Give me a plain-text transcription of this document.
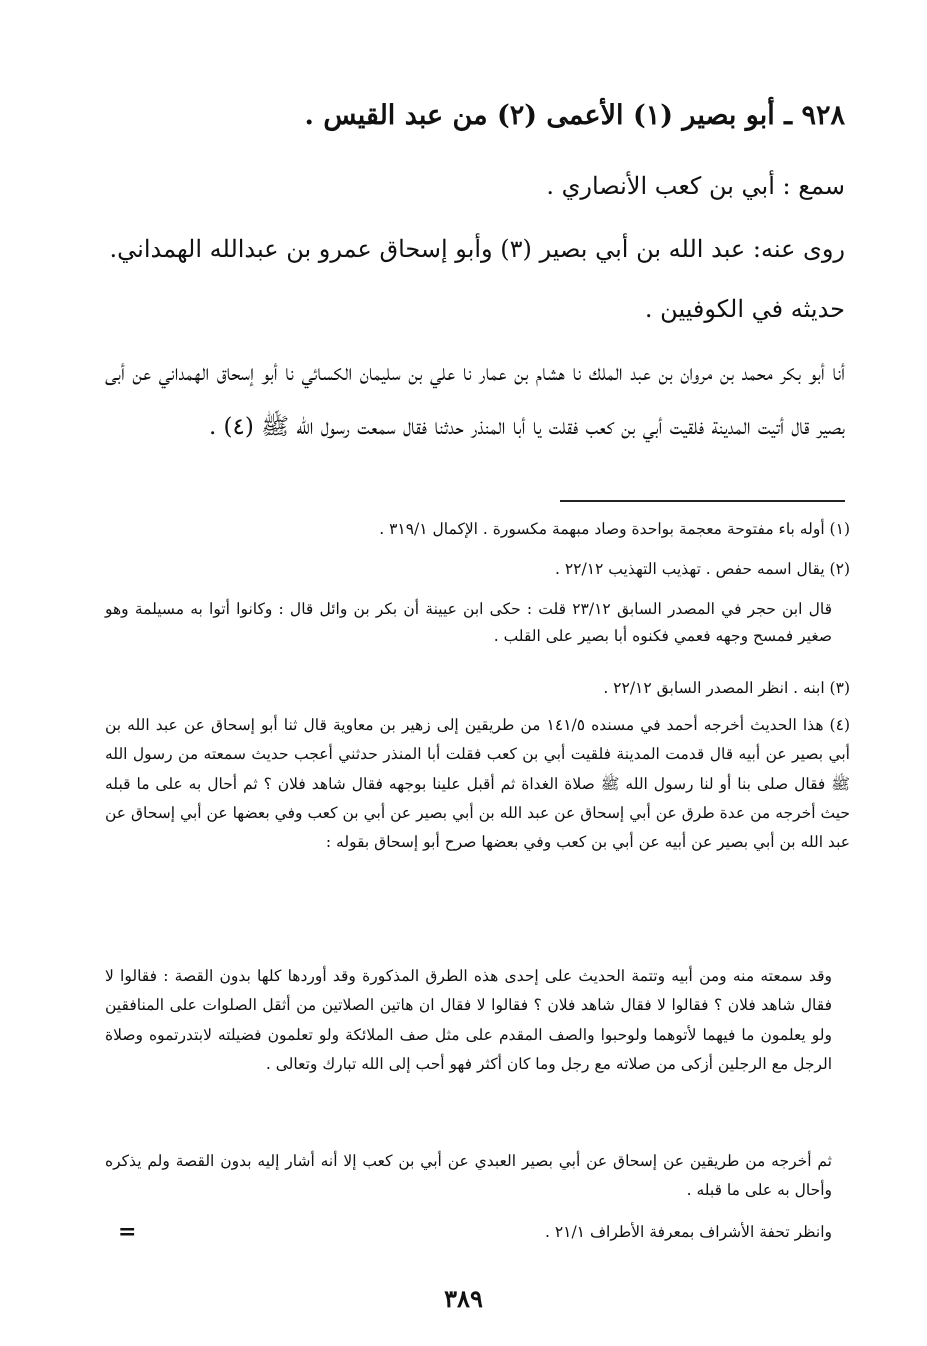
٩٢٨ ـ أبو بصير (١) الأعمى (٢) من عبد القيس .
سمع : أبي بن كعب الأنصاري .
روى عنه: عبد الله بن أبي بصير (٣) وأبو إسحاق عمرو بن عبدالله الهمداني.
حديثه في الكوفيين .
أنا أبو بكر محمد بن مروان بن عبد الملك نا هشام بن عمار نا علي بن سليمان الكسائي نا أبو إسحاق الهمداني عن أبى بصير قال أتيت المدينة فلقيت أبي بن كعب فقلت يا أبا المنذر حدثنا فقال سمعت رسول الله ﷺ (٤) .
(١) أوله باء مفتوحة معجمة بواحدة وصاد مبهمة مكسورة . الإكمال ٣١٩/١ .
(٢) يقال اسمه حفص . تهذيب التهذيب ٢٢/١٢ .
قال ابن حجر في المصدر السابق ٢٣/١٢ قلت : حكى ابن عيينة أن بكر بن وائل قال : وكانوا أتوا به مسيلمة وهو صغير فمسح وجهه فعمي فكنوه أبا بصير على القلب .
(٣) ابنه . انظر المصدر السابق ٢٢/١٢ .
(٤) هذا الحديث أخرجه أحمد في مسنده ١٤١/٥ من طريقين إلى زهير بن معاوية قال ثنا أبو إسحاق عن عبد الله بن أبي بصير عن أبيه قال قدمت المدينة فلقيت أبي بن كعب فقلت أبا المنذر حدثني أعجب حديث سمعته من رسول الله ﷺ فقال صلى بنا أو لنا رسول الله ﷺ صلاة الغداة ثم أقبل علينا بوجهه فقال شاهد فلان ؟ ثم أحال به على ما قبله حيث أخرجه من عدة طرق عن أبي إسحاق عن عبد الله بن أبي بصير عن أبي بن كعب وفي بعضها عن أبي إسحاق عن عبد الله بن أبي بصير عن أبيه عن أبي بن كعب وفي بعضها صرح أبو إسحاق بقوله :
وقد سمعته منه ومن أبيه وتتمة الحديث على إحدى هذه الطرق المذكورة وقد أوردها كلها بدون القصة : فقالوا لا فقال شاهد فلان ؟ فقالوا لا فقال شاهد فلان ؟ فقالوا لا فقال ان هاتين الصلاتين من أثقل الصلوات على المنافقين ولو يعلمون ما فيهما لأتوهما ولوحبوا والصف المقدم على مثل صف الملائكة ولو تعلمون فضيلته لابتدرتموه وصلاة الرجل مع الرجلين أزكى من صلاته مع رجل وما كان أكثر فهو أحب إلى الله تبارك وتعالى .
ثم أخرجه من طريقين عن إسحاق عن أبي بصير العبدي عن أبي بن كعب إلا أنه أشار إليه بدون القصة ولم يذكره وأحال به على ما قبله .
وانظر تحفة الأشراف بمعرفة الأطراف ٢١/١ .
=
٣٨٩
